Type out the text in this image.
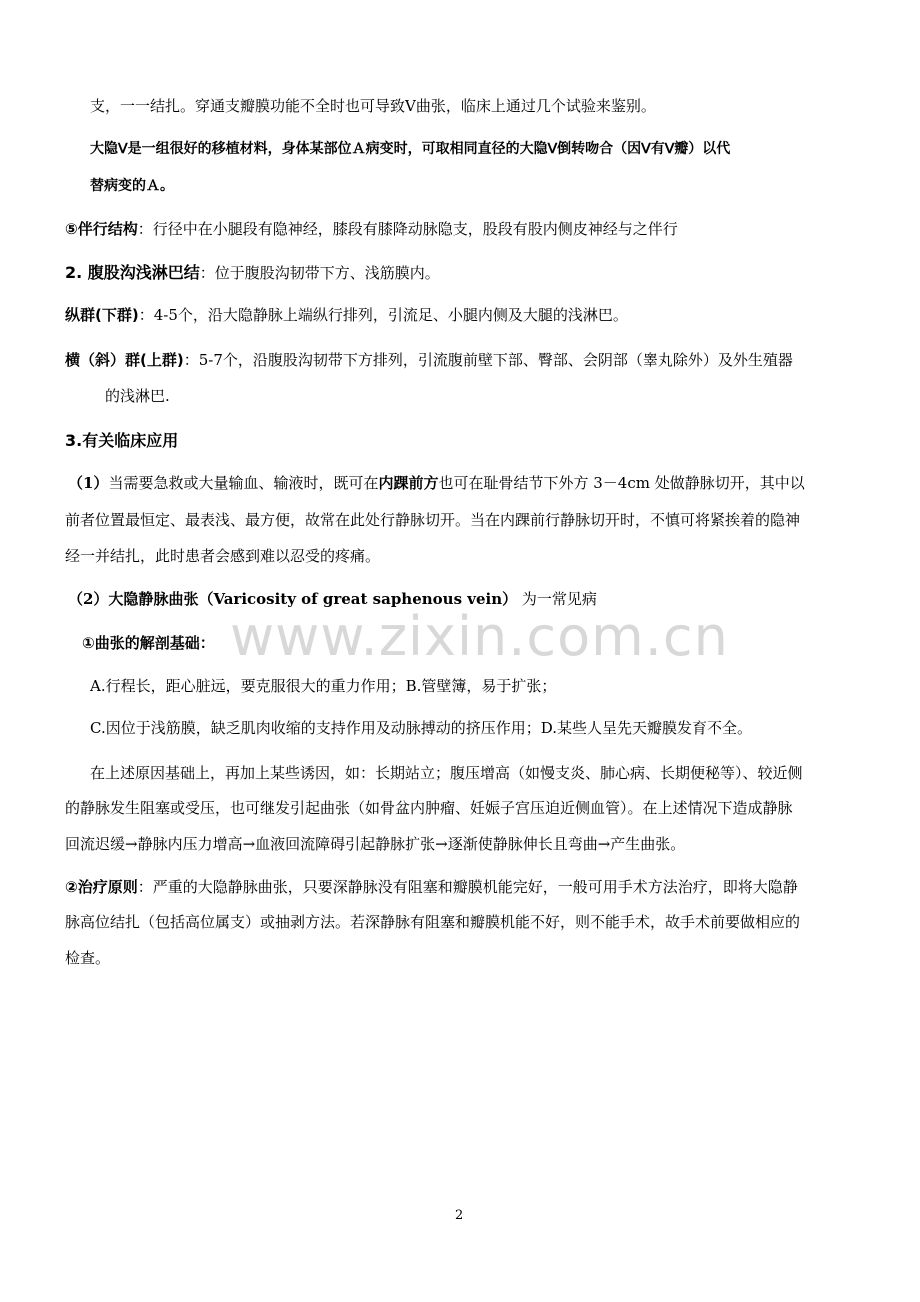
支，一一结扎。穿通支瓣膜功能不全时也可导致Ⅴ曲张，临床上通过几个试验来鉴别。
大隐Ⅴ是一组很好的移植材料，身体某部位Ａ病变时，可取相同直径的大隐Ⅴ倒转吻合（因Ⅴ有Ⅴ瓣）以代
替病变的Ａ。
⑤伴行结构：行径中在小腿段有隐神经，膝段有膝降动脉隐支，股段有股内侧皮神经与之伴行
2. 腹股沟浅淋巴结：位于腹股沟韧带下方、浅筋膜内。
纵群(下群)：4-5个，沿大隐静脉上端纵行排列，引流足、小腿内侧及大腿的浅淋巴。
横（斜）群(上群)：5-7个，沿腹股沟韧带下方排列，引流腹前壁下部、臀部、会阴部（睾丸除外）及外生殖器
的浅淋巴.
3.有关临床应用
（1）当需要急救或大量输血、输液时，既可在内踝前方也可在耻骨结节下外方 3－4cm 处做静脉切开，其中以
前者位置最恒定、最表浅、最方便，故常在此处行静脉切开。当在内踝前行静脉切开时，不慎可将紧挨着的隐神
经一并结扎，此时患者会感到难以忍受的疼痛。
（2）大隐静脉曲张（Varicosity of great saphenous vein） 为一常见病
①曲张的解剖基础：
A.行程长，距心脏远，要克服很大的重力作用；B.管壁簿，易于扩张；
C.因位于浅筋膜，缺乏肌肉收缩的支持作用及动脉搏动的挤压作用；D.某些人呈先天瓣膜发育不全。
在上述原因基础上，再加上某些诱因，如：长期站立；腹压增高（如慢支炎、肺心病、长期便秘等）、较近侧
的静脉发生阻塞或受压，也可继发引起曲张（如骨盆内肿瘤、妊娠子宫压迫近侧血管）。在上述情况下造成静脉
回流迟缓→静脉内压力增高→血液回流障碍引起静脉扩张→逐渐使静脉伸长且弯曲→产生曲张。
②治疗原则：严重的大隐静脉曲张，只要深静脉没有阻塞和瓣膜机能完好，一般可用手术方法治疗，即将大隐静
脉高位结扎（包括高位属支）或抽剥方法。若深静脉有阻塞和瓣膜机能不好，则不能手术，故手术前要做相应的
检查。
www.zixin.com.cn
2
